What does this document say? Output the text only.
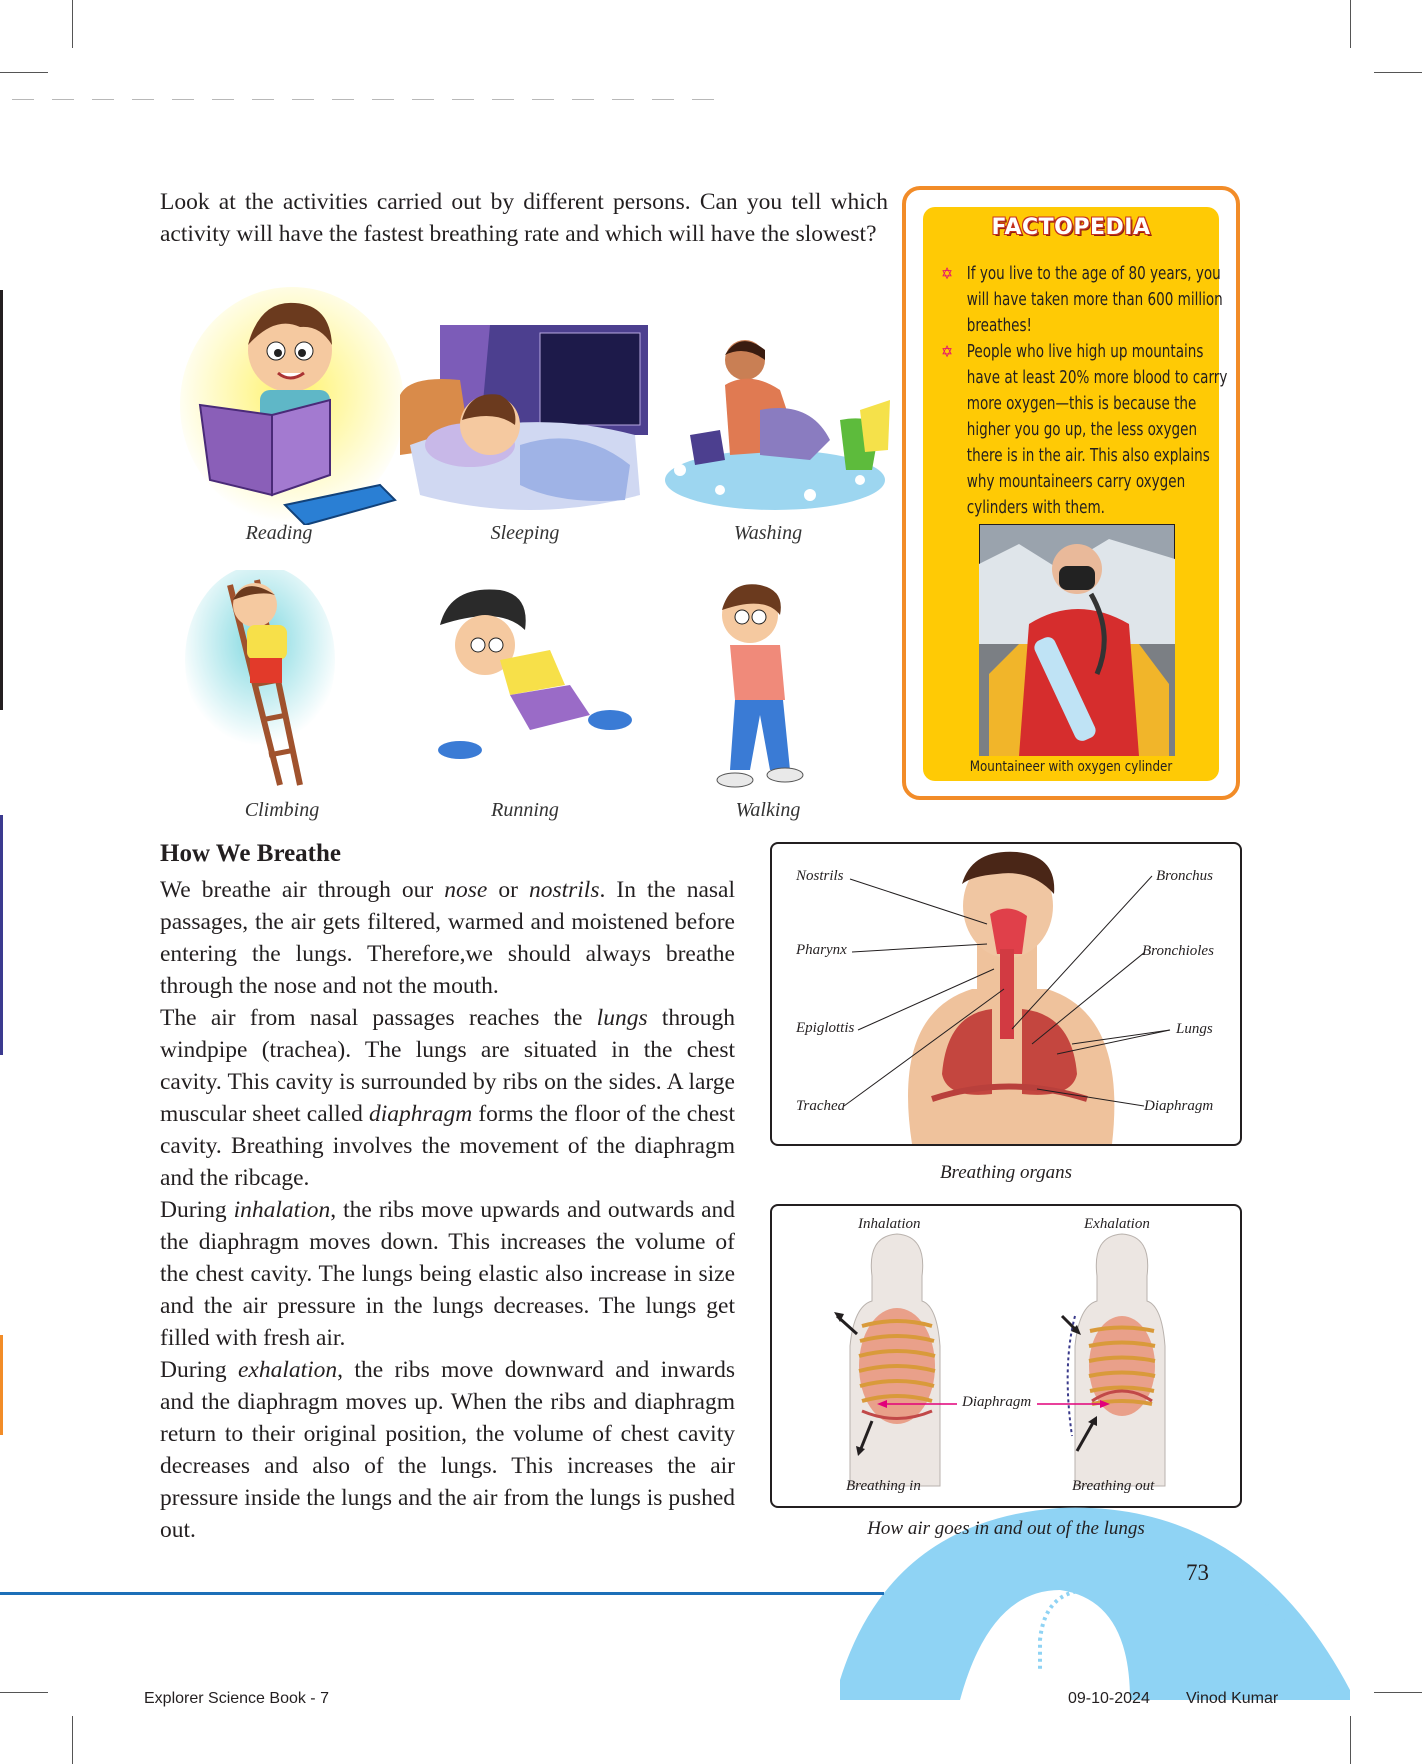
Look at the activities carried out by different persons. Can you tell which activity will have the fastest breathing rate and which will have the slowest?

Reading	Sleeping	Washing
Climbing	Running	Walking
FACTOPEDIA
✡ If you live to the age of 80 years, you will have taken more than 600 million breathes!
✡ People who live high up mountains have at least 20% more blood to carry more oxygen—this is because the higher you go up, the less oxygen there is in the air. This also explains why mountaineers carry oxygen cylinders with them.
Mountaineer with oxygen cylinder
How We Breathe

We breathe air through our nose or nostrils. In the nasal passages, the air gets filtered, warmed and moistened before entering the lungs. Therefore,we should always breathe through the nose and not the mouth.

The air from nasal passages reaches the lungs through windpipe (trachea). The lungs are situated in the chest cavity. This cavity is surrounded by ribs on the sides. A large muscular sheet called diaphragm forms the floor of the chest cavity. Breathing involves the movement of the diaphragm and the ribcage.

During inhalation, the ribs move upwards and outwards and the diaphragm moves down. This increases the volume of the chest cavity. The lungs being elastic also increase in size and the air pressure in the lungs decreases. The lungs get filled with fresh air.

During exhalation, the ribs move downward and inwards and the diaphragm moves up. When the ribs and diaphragm return to their original position, the volume of chest cavity decreases and also of the lungs. This increases the air pressure inside the lungs and the air from the lungs is pushed out.

Nostrils
Pharynx
Epiglottis
Trachea
Bronchus
Bronchioles
Lungs
Diaphragm
Breathing organs
Inhalation	Exhalation
Diaphragm
Breathing in	Breathing out
How air goes in and out of the lungs
73
Explorer Science Book - 7	09-10-2024 Vinod Kumar
